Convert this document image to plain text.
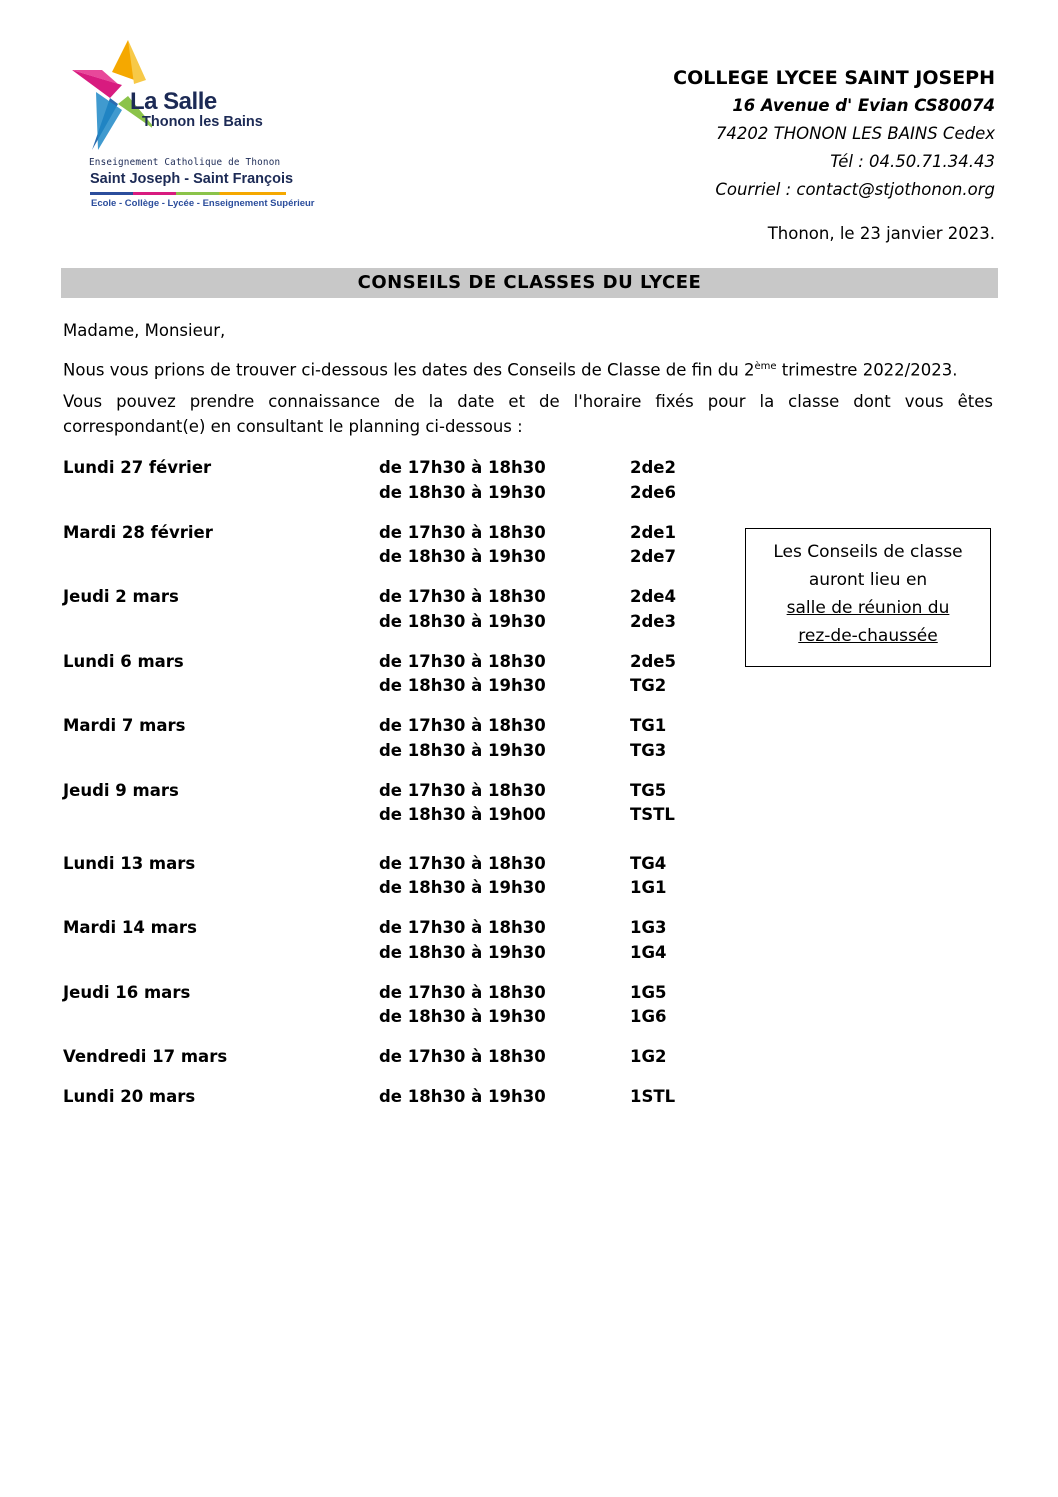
La Salle
Thonon les Bains
Enseignement Catholique de Thonon
Saint Joseph - Saint François
Ecole - Collège - Lycée - Enseignement Supérieur
COLLEGE LYCEE SAINT JOSEPH
16 Avenue d' Evian CS80074
74202 THONON LES BAINS Cedex
Tél : 04.50.71.34.43
Courriel : contact@stjothonon.org
Thonon, le 23 janvier 2023.
CONSEILS DE CLASSES DU LYCEE
Madame, Monsieur,
Nous vous prions de trouver ci-dessous les dates des Conseils de Classe de fin du 2ème trimestre 2022/2023.
Vous pouvez prendre connaissance de la date et de l'horaire fixés pour la classe dont vous êtes correspondant(e) en consultant le planning ci-dessous :
Lundi 27 février	de 17h30 à 18h30	2de2
de 18h30 à 19h30	2de6
Mardi 28 février	de 17h30 à 18h30	2de1
de 18h30 à 19h30	2de7
Jeudi 2 mars	de 17h30 à 18h30	2de4
de 18h30 à 19h30	2de3
Lundi 6 mars	de 17h30 à 18h30	2de5
de 18h30 à 19h30	TG2
Mardi 7 mars	de 17h30 à 18h30	TG1
de 18h30 à 19h30	TG3
Jeudi 9 mars	de 17h30 à 18h30	TG5
de 18h30 à 19h00	TSTL
Lundi 13 mars	de 17h30 à 18h30	TG4
de 18h30 à 19h30	1G1
Mardi 14 mars	de 17h30 à 18h30	1G3
de 18h30 à 19h30	1G4
Jeudi 16 mars	de 17h30 à 18h30	1G5
de 18h30 à 19h30	1G6
Vendredi 17 mars	de 17h30 à 18h30	1G2
Lundi 20 mars	de 18h30 à 19h30	1STL
Les Conseils de classe
auront lieu en
salle de réunion du
rez-de-chaussée
